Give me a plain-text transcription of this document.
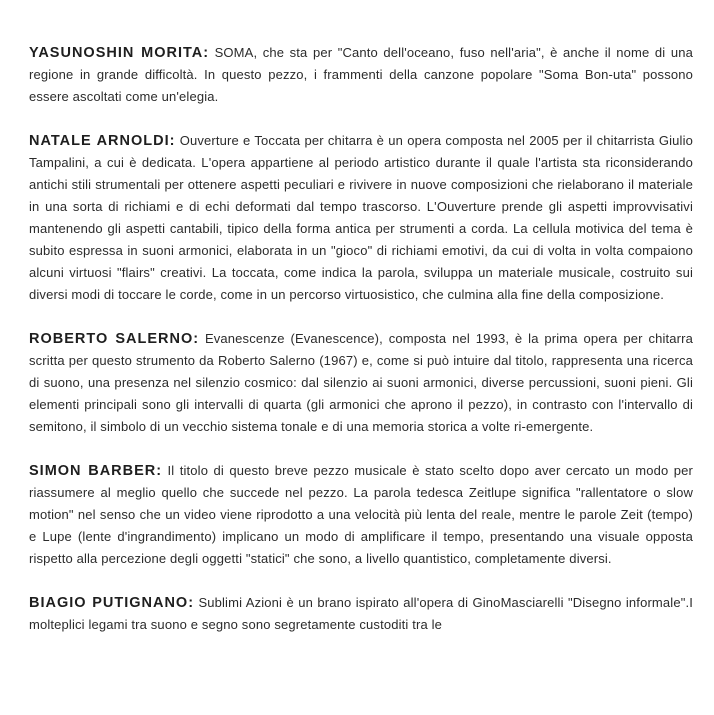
YASUNOSHIN MORITA: SOMA, che sta per "Canto dell'oceano, fuso nell'aria", è anche il nome di una regione in grande difficoltà. In questo pezzo, i frammenti della canzone popolare "Soma Bon-uta" possono essere ascoltati come un'elegia.

NATALE ARNOLDI: Ouverture e Toccata per chitarra è un opera composta nel 2005 per il chitarrista Giulio Tampalini, a cui è dedicata. L'opera appartiene al periodo artistico durante il quale l'artista sta riconsiderando antichi stili strumentali per ottenere aspetti peculiari e rivivere in nuove composizioni che rielaborano il materiale in una sorta di richiami e di echi deformati dal tempo trascorso. L'Ouverture prende gli aspetti improvvisativi mantenendo gli aspetti cantabili, tipico della forma antica per strumenti a corda. La cellula motivica del tema è subito espressa in suoni armonici, elaborata in un "gioco" di richiami emotivi, da cui di volta in volta compaiono alcuni virtuosi "flairs" creativi. La toccata, come indica la parola, sviluppa un materiale musicale, costruito sui diversi modi di toccare le corde, come in un percorso virtuosistico, che culmina alla fine della composizione.

ROBERTO SALERNO: Evanescenze (Evanescence), composta nel 1993, è la prima opera per chitarra scritta per questo strumento da Roberto Salerno (1967) e, come si può intuire dal titolo, rappresenta una ricerca di suono, una presenza nel silenzio cosmico: dal silenzio ai suoni armonici, diverse percussioni, suoni pieni. Gli elementi principali sono gli intervalli di quarta (gli armonici che aprono il pezzo), in contrasto con l'intervallo di semitono, il simbolo di un vecchio sistema tonale e di una memoria storica a volte ri-emergente.

SIMON BARBER: Il titolo di questo breve pezzo musicale è stato scelto dopo aver cercato un modo per riassumere al meglio quello che succede nel pezzo. La parola tedesca Zeitlupe significa "rallentatore o slow motion" nel senso che un video viene riprodotto a una velocità più lenta del reale, mentre le parole Zeit (tempo) e Lupe (lente d'ingrandimento) implicano un modo di amplificare il tempo, presentando una visuale opposta rispetto alla percezione degli oggetti "statici" che sono, a livello quantistico, completamente diversi.

BIAGIO PUTIGNANO: Sublimi Azioni è un brano ispirato all'opera di GinoMasciarelli "Disegno informale".I molteplici legami tra suono e segno sono segretamente custoditi tra le
